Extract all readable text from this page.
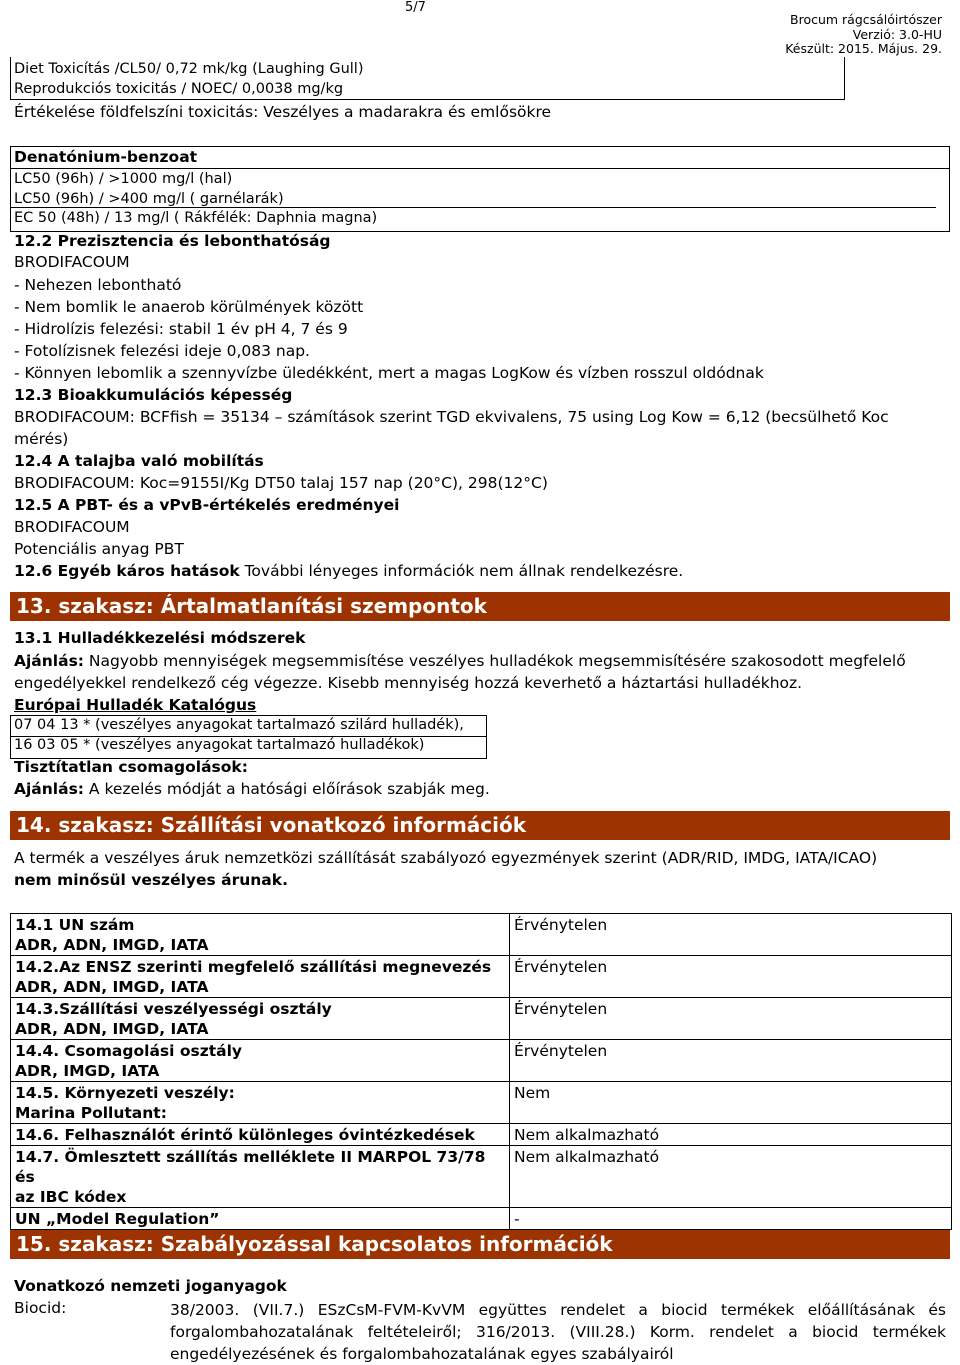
5/7
Brocum rágcsálóirtószer
Verzió: 3.0-HU
Készült: 2015. Május. 29.
Diet Toxicítás /CL50/ 0,72 mk/kg (Laughing Gull)
Reprodukciós toxicitás / NOEC/ 0,0038 mg/kg
Értékelése földfelszíni toxicitás: Veszélyes a madarakra és emlősökre
Denatónium-benzoat
LC50 (96h) / >1000 mg/l (hal)
LC50 (96h) / >400 mg/l ( garnélarák)
EC 50 (48h) / 13 mg/l ( Rákfélék: Daphnia magna)
12.2 Prezisztencia és lebonthatóság
BRODIFACOUM
- Nehezen lebontható
- Nem bomlik le anaerob körülmények között
- Hidrolízis felezési: stabil 1 év pH 4, 7 és 9
- Fotolízisnek felezési ideje 0,083 nap.
- Könnyen lebomlik a szennyvízbe üledékként, mert a magas LogKow és vízben rosszul oldódnak
12.3 Bioakkumulációs képesség
BRODIFACOUM: BCFfish = 35134 – számítások szerint TGD ekvivalens, 75 using Log Kow = 6,12 (becsülhető Koc
mérés)
12.4 A talajba való mobilítás
BRODIFACOUM: Koc=9155I/Kg DT50 talaj 157 nap (20°C), 298(12°C)
12.5 A PBT- és a vPvB-értékelés eredményei
BRODIFACOUM
Potenciális anyag PBT
12.6 Egyéb káros hatások További lényeges információk nem állnak rendelkezésre.
13. szakasz: Ártalmatlanítási szempontok
13.1 Hulladékkezelési módszerek
Ajánlás: Nagyobb mennyiségek megsemmisítése veszélyes hulladékok megsemmisítésére szakosodott megfelelő
engedélyekkel rendelkező cég végezze. Kisebb mennyiség hozzá keverhető a háztartási hulladékhoz.
Európai Hulladék Katalógus
07 04 13 * (veszélyes anyagokat tartalmazó szilárd hulladék),
16 03 05 * (veszélyes anyagokat tartalmazó hulladékok)
Tisztítatlan csomagolások:
Ajánlás: A kezelés módját a hatósági előírások szabják meg.
14. szakasz: Szállítási vonatkozó információk
A termék a veszélyes áruk nemzetközi szállítását szabályozó egyezmények szerint (ADR/RID, IMDG, IATA/ICAO)
nem minősül veszélyes árunak.
14.1 UN szám
ADR, ADN, IMGD, IATA	Érvénytelen

14.2.Az ENSZ szerinti megfelelő szállítási megnevezés
ADR, ADN, IMGD, IATA	Érvénytelen

14.3.Szállítási veszélyességi osztály
ADR, ADN, IMGD, IATA	Érvénytelen

14.4. Csomagolási osztály
ADR, IMGD, IATA	Érvénytelen

14.5. Környezeti veszély:
Marina Pollutant:	Nem

14.6. Felhasználót érintő különleges óvintézkedések	Nem alkalmazható

14.7. Ömlesztett szállítás melléklete II MARPOL 73/78 és
az IBC kódex	Nem alkalmazható

UN „Model Regulation”	-
15. szakasz: Szabályozással kapcsolatos információk
Vonatkozó nemzeti joganyagok
Biocid:	38/2003. (VII.7.) ESzCsM-FVM-KvVM együttes rendelet a biocid termékek előállításának és forgalombahozatalának feltételeiről; 316/2013. (VIII.28.) Korm. rendelet a biocid termékek engedélyezésének és forgalombahozatalának egyes szabályairól
